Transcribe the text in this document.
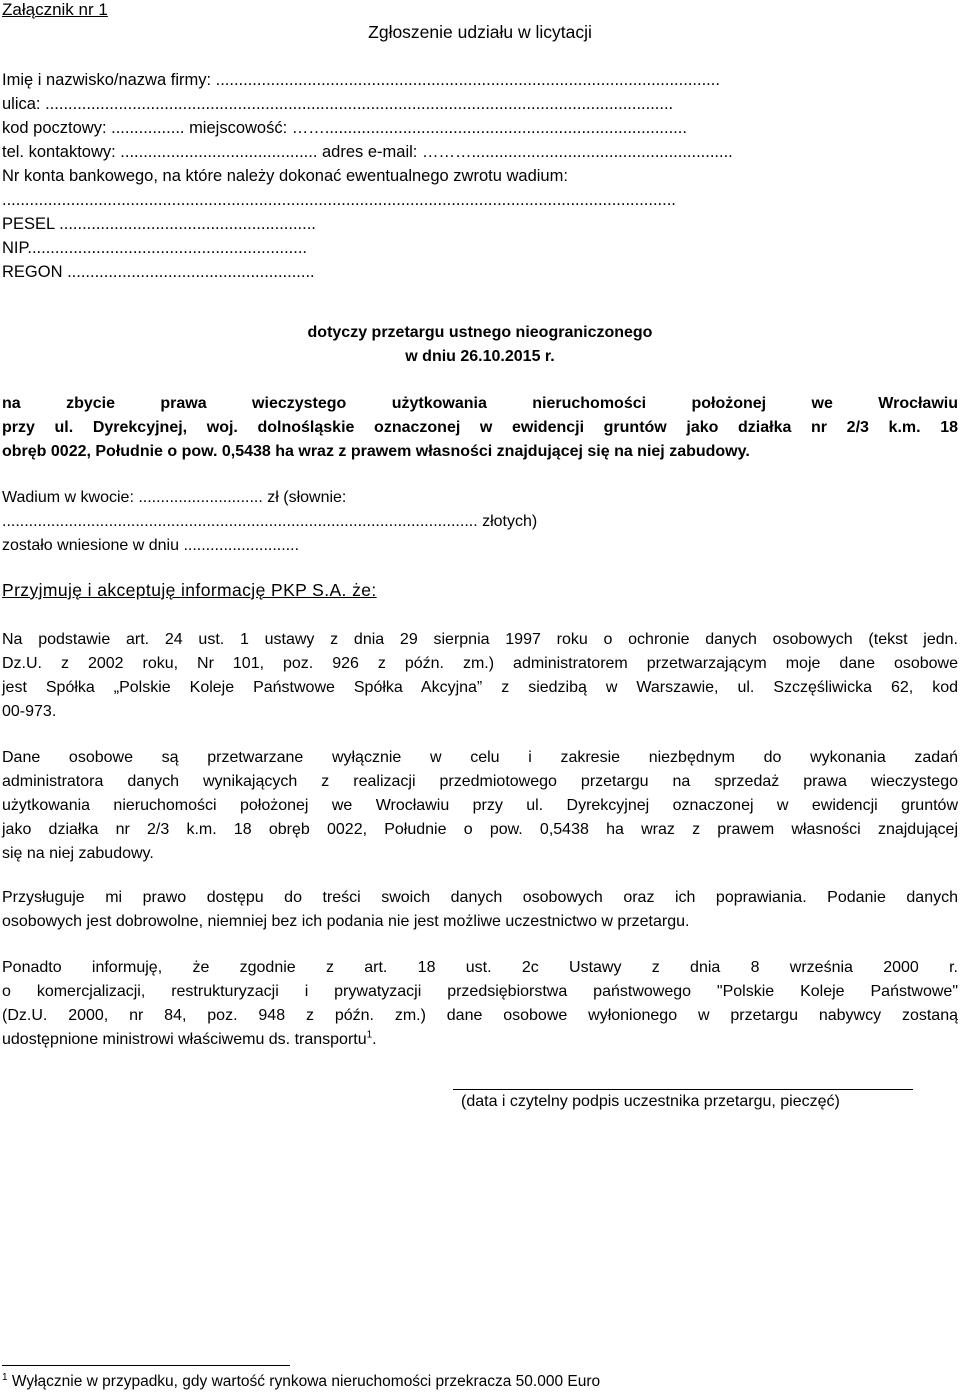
Załącznik nr 1
Zgłoszenie udziału w licytacji
Imię i nazwisko/nazwa firmy: ..............................................................................................................
ulica: .........................................................................................................................................
kod pocztowy: ................ miejscowość: ……...............................................................................
tel. kontaktowy: ........................................... adres e-mail: ……….........................................................
Nr konta bankowego, na które należy dokonać ewentualnego zwrotu wadium:
...................................................................................................................................................
PESEL ........................................................
NIP.............................................................
REGON ......................................................
dotyczy przetargu ustnego nieograniczonego
w dniu 26.10.2015 r.
na zbycie prawa wieczystego użytkowania nieruchomości położonej we Wrocławiu
przy ul. Dyrekcyjnej, woj. dolnośląskie oznaczonej w ewidencji gruntów jako działka nr 2/3 k.m. 18
obręb 0022, Południe o pow. 0,5438 ha wraz z prawem własności znajdującej się na niej zabudowy.
Wadium w kwocie: ............................ zł (słownie:
........................................................................................................... złotych)
zostało wniesione w dniu ..........................
Przyjmuję i akceptuję informację PKP S.A. że:
Na podstawie art. 24 ust. 1 ustawy z dnia 29 sierpnia 1997 roku o ochronie danych osobowych (tekst jedn.
Dz.U. z 2002 roku, Nr 101, poz. 926 z późn. zm.) administratorem przetwarzającym moje dane osobowe
jest Spółka „Polskie Koleje Państwowe Spółka Akcyjna” z siedzibą w Warszawie, ul. Szczęśliwicka 62, kod
00-973.
Dane osobowe są przetwarzane wyłącznie w celu i zakresie niezbędnym do wykonania zadań
administratora danych wynikających z realizacji przedmiotowego przetargu na sprzedaż prawa wieczystego
użytkowania nieruchomości położonej we Wrocławiu przy ul. Dyrekcyjnej oznaczonej w ewidencji gruntów
jako działka nr 2/3 k.m. 18 obręb 0022, Południe o pow. 0,5438 ha wraz z prawem własności znajdującej
się na niej zabudowy.
Przysługuje mi prawo dostępu do treści swoich danych osobowych oraz ich poprawiania. Podanie danych
osobowych jest dobrowolne, niemniej bez ich podania nie jest możliwe uczestnictwo w przetargu.
Ponadto informuję, że zgodnie z art. 18 ust. 2c Ustawy z dnia 8 września 2000 r.
o komercjalizacji, restrukturyzacji i prywatyzacji przedsiębiorstwa państwowego "Polskie Koleje Państwowe"
(Dz.U. 2000, nr 84, poz. 948 z późn. zm.) dane osobowe wyłonionego w przetargu nabywcy zostaną
udostępnione ministrowi właściwemu ds. transportu$^1$.
(data i czytelny podpis uczestnika przetargu, pieczęć)
$^1$ Wyłącznie w przypadku, gdy wartość rynkowa nieruchomości przekracza 50.000 Euro
